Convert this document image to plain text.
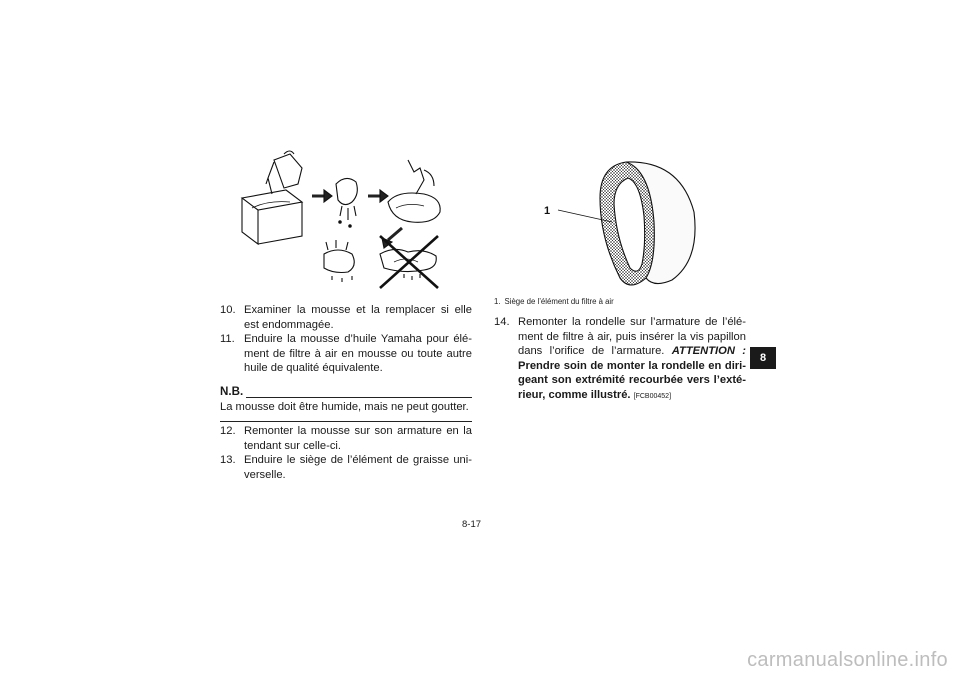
10. Examiner la mousse et la remplacer si elle est endommagée.
11. Enduire la mousse d’huile Yamaha pour élé-ment de filtre à air en mousse ou toute autre huile de qualité équivalente.
N.B.
La mousse doit être humide, mais ne peut goutter.
12. Remonter la mousse sur son armature en la tendant sur celle-ci.
13. Enduire le siège de l’élément de graisse uni-verselle.
1
1. Siège de l’élément du filtre à air
14. Remonter la rondelle sur l’armature de l’élé-ment de filtre à air, puis insérer la vis papillon dans l’orifice de l’armature. ATTENTION : Prendre soin de monter la rondelle en diri-geant son extrémité recourbée vers l’exté-rieur, comme illustré. [FCB00452]
8
8-17
carmanualsonline.info
